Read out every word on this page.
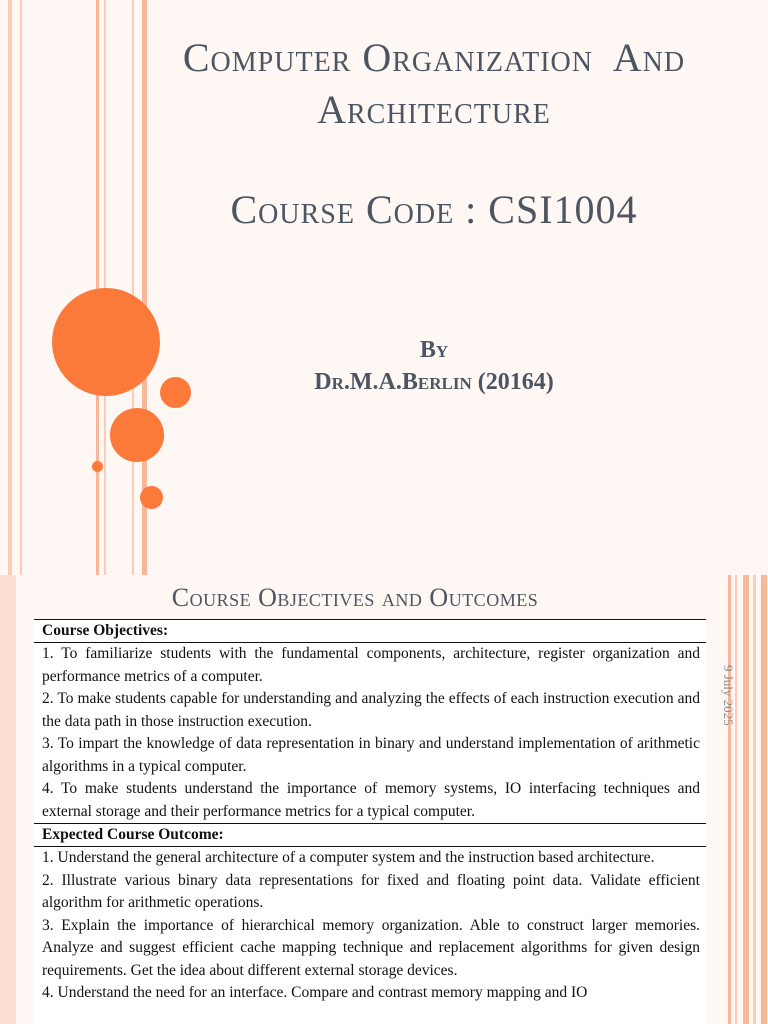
Computer Organization  And
Architecture
Course Code : CSI1004
By
Dr.M.A.Berlin (20164)
Course Objectives and Outcomes
9 July 2025
Course Objectives:
1. To familiarize students with the fundamental components, architecture, register organization and performance metrics of a computer.
2. To make students capable for understanding and analyzing the effects of each instruction execution and the data path in those instruction execution.
3. To impart the knowledge of data representation in binary and understand implementation of arithmetic algorithms in a typical computer.
4. To make students understand the importance of memory systems, IO interfacing techniques and external storage and their performance metrics for a typical computer.
Expected Course Outcome:
1. Understand the general architecture of a computer system and the instruction based architecture.
2. Illustrate various binary data representations for fixed and floating point data. Validate efficient algorithm for arithmetic operations.
3. Explain the importance of hierarchical memory organization. Able to construct larger memories. Analyze and suggest efficient cache mapping technique and replacement algorithms for given design requirements. Get the idea about different external storage devices.
4. Understand the need for an interface. Compare and contrast memory mapping and IO
